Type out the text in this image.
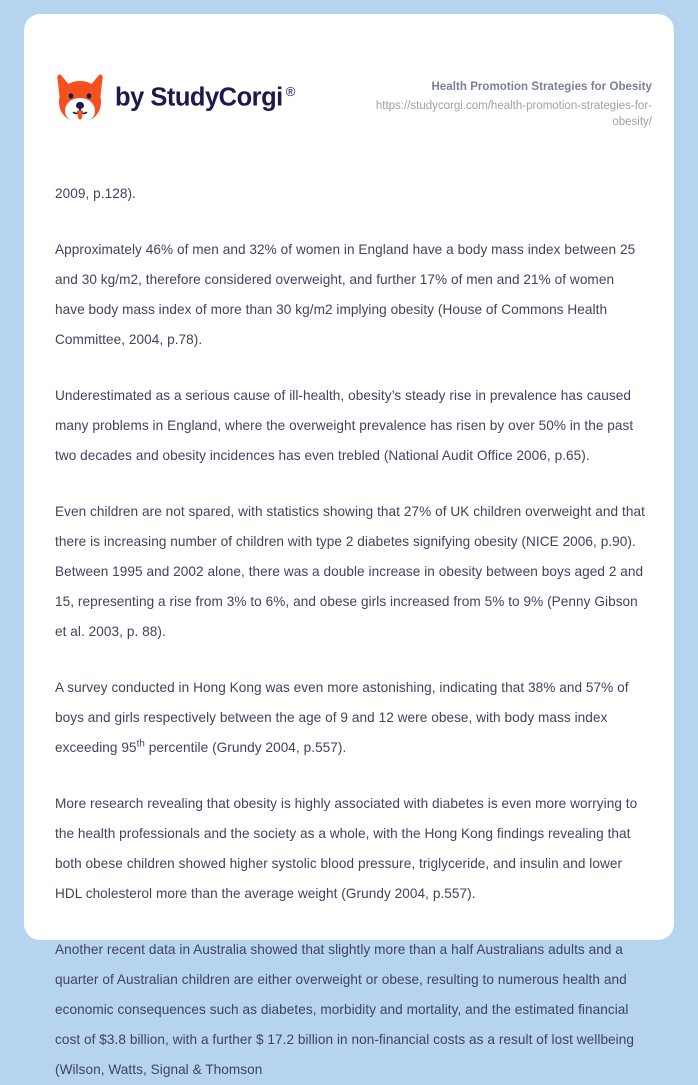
by StudyCorgi ®	Health Promotion Strategies for Obesity
https://studycorgi.com/health-promotion-strategies-for-obesity/

2009, p.128).

Approximately 46% of men and 32% of women in England have a body mass index between 25 and 30 kg/m2, therefore considered overweight, and further 17% of men and 21% of women have body mass index of more than 30 kg/m2 implying obesity (House of Commons Health Committee, 2004, p.78).

Underestimated as a serious cause of ill-health, obesity’s steady rise in prevalence has caused many problems in England, where the overweight prevalence has risen by over 50% in the past two decades and obesity incidences has even trebled (National Audit Office 2006, p.65).

Even children are not spared, with statistics showing that 27% of UK children overweight and that there is increasing number of children with type 2 diabetes signifying obesity (NICE 2006, p.90). Between 1995 and 2002 alone, there was a double increase in obesity between boys aged 2 and 15, representing a rise from 3% to 6%, and obese girls increased from 5% to 9% (Penny Gibson et al. 2003, p. 88).

A survey conducted in Hong Kong was even more astonishing, indicating that 38% and 57% of boys and girls respectively between the age of 9 and 12 were obese, with body mass index exceeding 95th percentile (Grundy 2004, p.557).

More research revealing that obesity is highly associated with diabetes is even more worrying to the health professionals and the society as a whole, with the Hong Kong findings revealing that both obese children showed higher systolic blood pressure, triglyceride, and insulin and lower HDL cholesterol more than the average weight (Grundy 2004, p.557).

Another recent data in Australia showed that slightly more than a half Australians adults and a quarter of Australian children are either overweight or obese, resulting to numerous health and economic consequences such as diabetes, morbidity and mortality, and the estimated financial cost of $3.8 billion, with a further $ 17.2 billion in non-financial costs as a result of lost wellbeing (Wilson, Watts, Signal & Thomson
